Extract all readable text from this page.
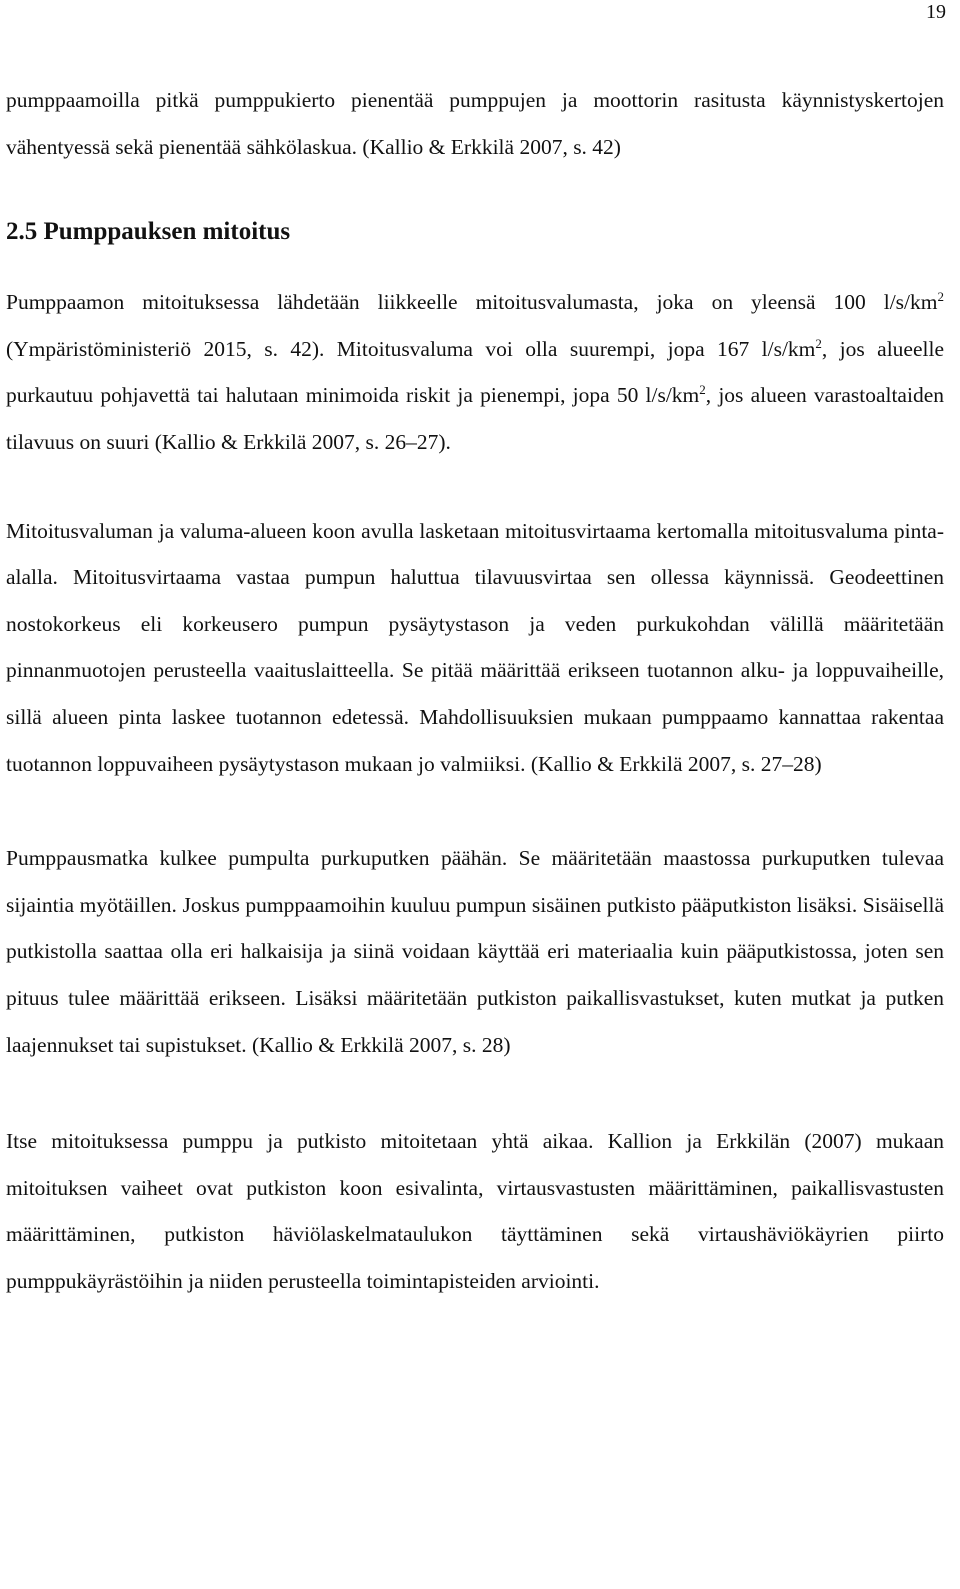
19

pumppaamoilla pitkä pumppukierto pienentää pumppujen ja moottorin rasitusta käynnistyskertojen vähentyessä sekä pienentää sähkölaskua. (Kallio & Erkkilä 2007, s. 42)

2.5 Pumppauksen mitoitus

Pumppaamon mitoituksessa lähdetään liikkeelle mitoitusvalumasta, joka on yleensä 100 $l/s/km^2$ (Ympäristöministeriö 2015, s. 42). Mitoitusvaluma voi olla suurempi, jopa 167 $l/s/km^2$, jos alueelle purkautuu pohjavettä tai halutaan minimoida riskit ja pienempi, jopa 50 $l/s/km^2$, jos alueen varastoaltaiden tilavuus on suuri (Kallio & Erkkilä 2007, s. 26–27).

Mitoitusvaluman ja valuma-alueen koon avulla lasketaan mitoitusvirtaama kertomalla mitoitusvaluma pinta-alalla. Mitoitusvirtaama vastaa pumpun haluttua tilavuusvirtaa sen ollessa käynnissä. Geodeettinen nostokorkeus eli korkeusero pumpun pysäytystason ja veden purkukohdan välillä määritetään pinnanmuotojen perusteella vaaituslaitteella. Se pitää määrittää erikseen tuotannon alku- ja loppuvaiheille, sillä alueen pinta laskee tuotannon edetessä. Mahdollisuuksien mukaan pumppaamo kannattaa rakentaa tuotannon loppuvaiheen pysäytystason mukaan jo valmiiksi. (Kallio & Erkkilä 2007, s. 27–28)

Pumppausmatka kulkee pumpulta purkuputken päähän. Se määritetään maastossa purkuputken tulevaa sijaintia myötäillen. Joskus pumppaamoihin kuuluu pumpun sisäinen putkisto pääputkiston lisäksi. Sisäisellä putkistolla saattaa olla eri halkaisija ja siinä voidaan käyttää eri materiaalia kuin pääputkistossa, joten sen pituus tulee määrittää erikseen. Lisäksi määritetään putkiston paikallisvastukset, kuten mutkat ja putken laajennukset tai supistukset. (Kallio & Erkkilä 2007, s. 28)

Itse mitoituksessa pumppu ja putkisto mitoitetaan yhtä aikaa. Kallion ja Erkkilän (2007) mukaan mitoituksen vaiheet ovat putkiston koon esivalinta, virtausvastusten määrittäminen, paikallisvastusten määrittäminen, putkiston häviölaskelmataulukon täyttäminen sekä virtaushäviökäyrien piirto pumppukäyrästöihin ja niiden perusteella toimintapisteiden arviointi.
